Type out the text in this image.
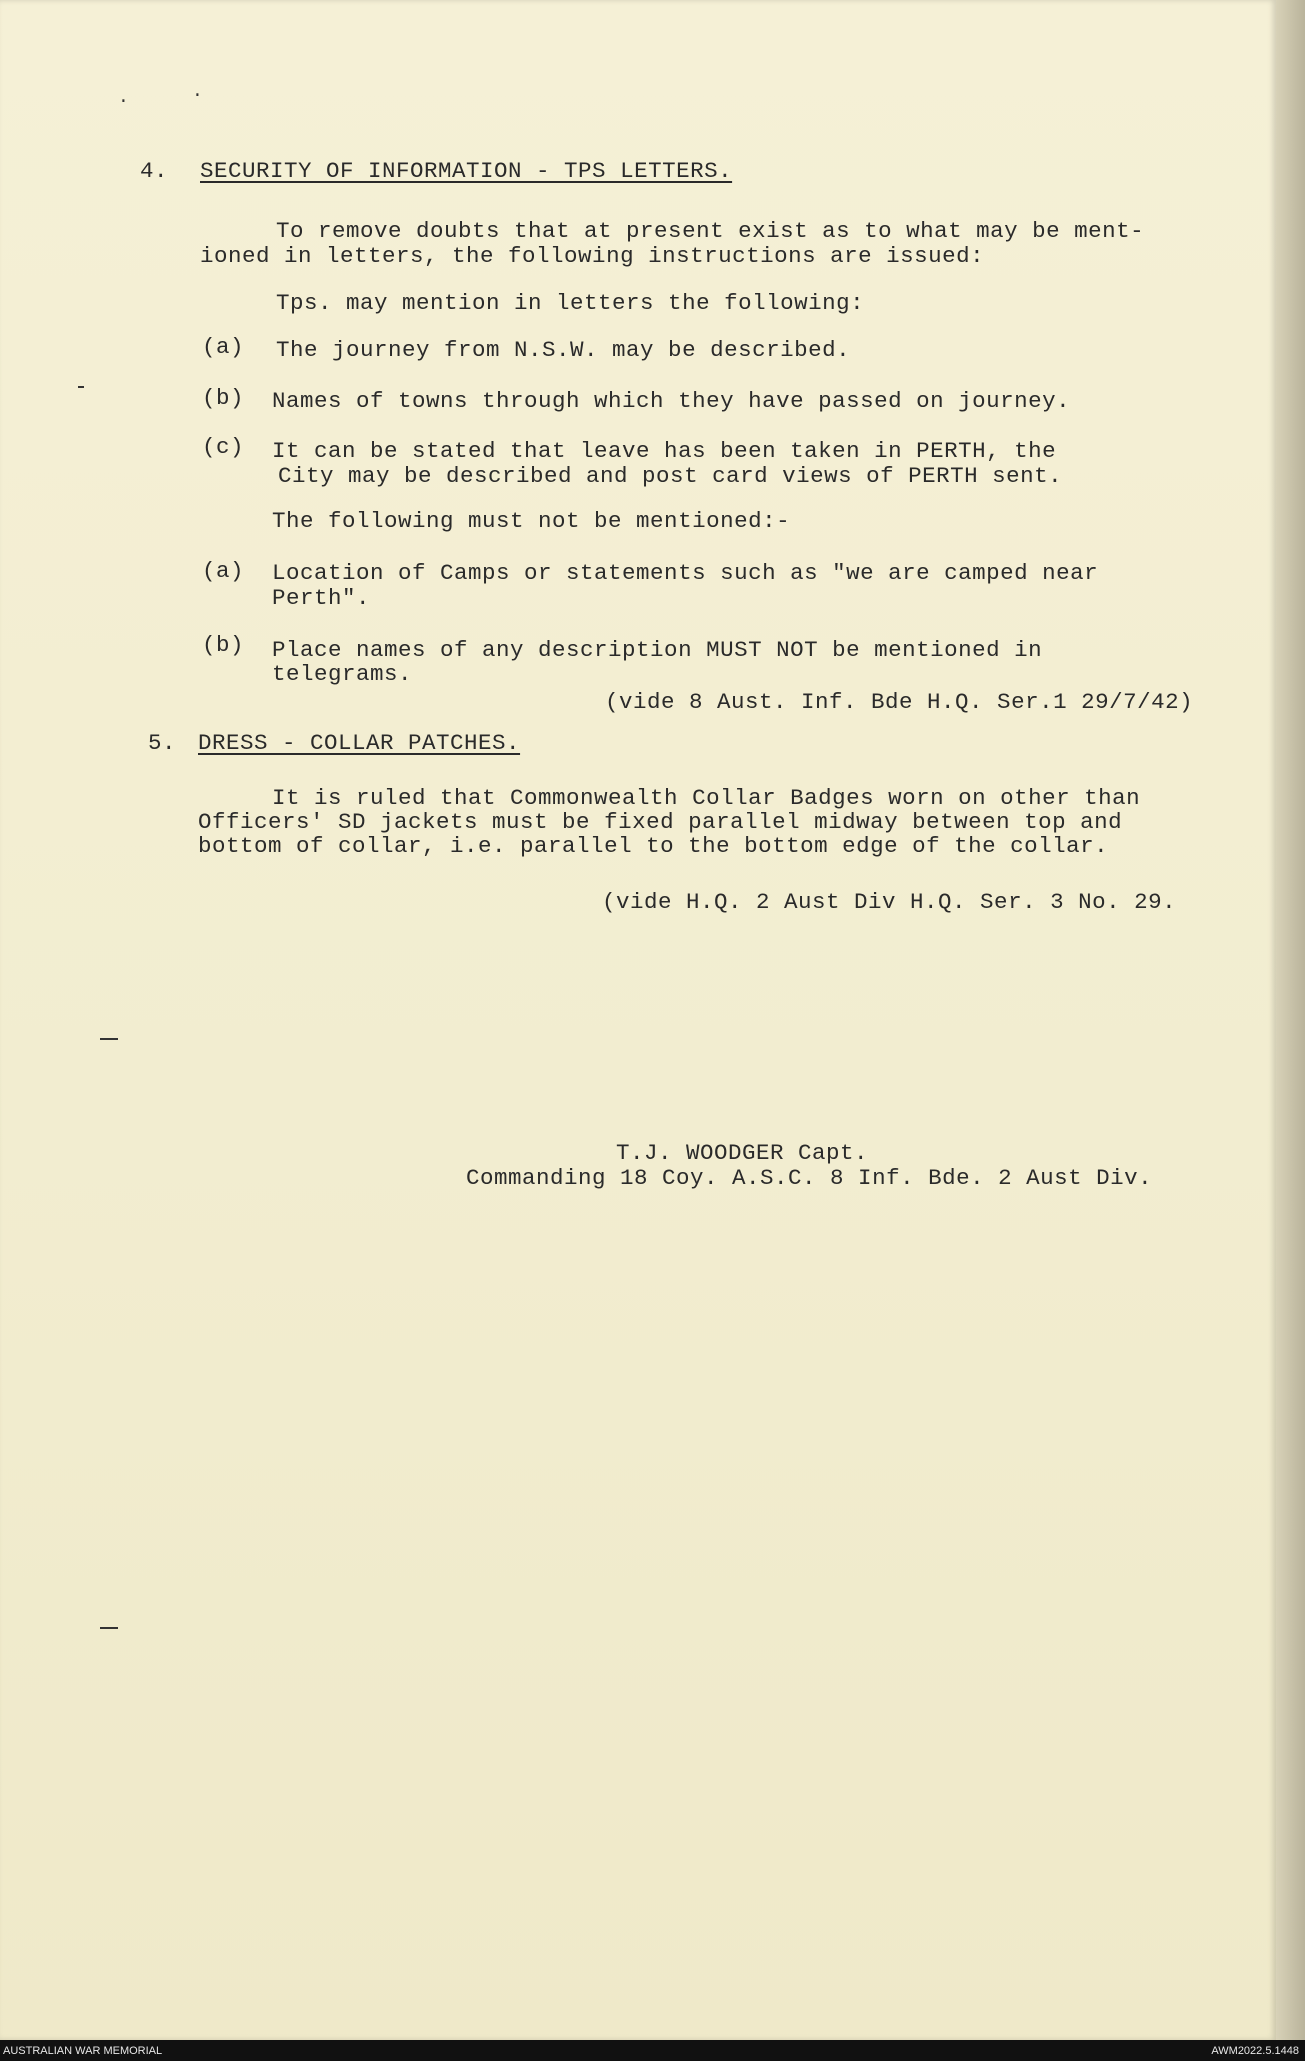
·	·
4. SECURITY OF INFORMATION - TPS LETTERS.
To remove doubts that at present exist as to what may be ment-
ioned in letters, the following instructions are issued:
Tps. may mention in letters the following:
(a) The journey from N.S.W. may be described.
(b) Names of towns through which they have passed on journey.
(c) It can be stated that leave has been taken in PERTH, the
City may be described and post card views of PERTH sent.
The following must not be mentioned:-
(a) Location of Camps or statements such as "we are camped near
Perth".
(b) Place names of any description MUST NOT be mentioned in
telegrams.
(vide 8 Aust. Inf. Bde H.Q. Ser.1 29/7/42)
5. DRESS - COLLAR PATCHES.
It is ruled that Commonwealth Collar Badges worn on other than
Officers' SD jackets must be fixed parallel midway between top and
bottom of collar, i.e. parallel to the bottom edge of the collar.
(vide H.Q. 2 Aust Div H.Q. Ser. 3 No. 29.
T.J. WOODGER Capt.
Commanding 18 Coy. A.S.C. 8 Inf. Bde. 2 Aust Div.
AUSTRALIAN WAR MEMORIAL	AWM2022.5.1448
